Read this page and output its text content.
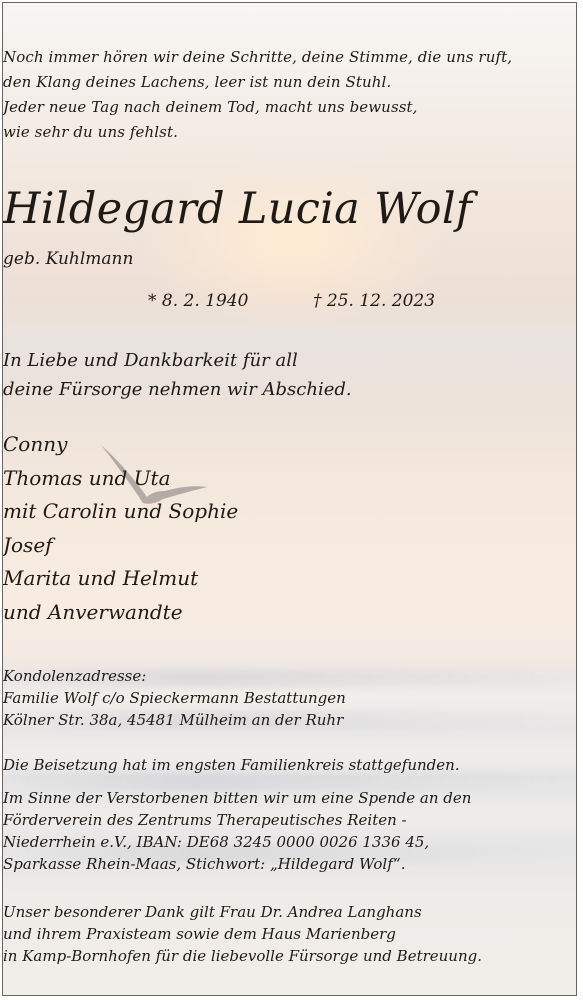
Noch immer hören wir deine Schritte, deine Stimme, die uns ruft,
den Klang deines Lachens, leer ist nun dein Stuhl.
Jeder neue Tag nach deinem Tod, macht uns bewusst,
wie sehr du uns fehlst.
Hildegard Lucia Wolf
geb. Kuhlmann
* 8. 2. 1940	† 25. 12. 2023
In Liebe und Dankbarkeit für all
deine Fürsorge nehmen wir Abschied.
Conny
Thomas und Uta
mit Carolin und Sophie
Josef
Marita und Helmut
und Anverwandte
Kondolenzadresse:
Familie Wolf c/o Spieckermann Bestattungen
Kölner Str. 38a, 45481 Mülheim an der Ruhr
Die Beisetzung hat im engsten Familienkreis stattgefunden.
Im Sinne der Verstorbenen bitten wir um eine Spende an den
Förderverein des Zentrums Therapeutisches Reiten -
Niederrhein e.V., IBAN: DE68 3245 0000 0026 1336 45,
Sparkasse Rhein-Maas, Stichwort: „Hildegard Wolf“.
Unser besonderer Dank gilt Frau Dr. Andrea Langhans
und ihrem Praxisteam sowie dem Haus Marienberg
in Kamp-Bornhofen für die liebevolle Fürsorge und Betreuung.
